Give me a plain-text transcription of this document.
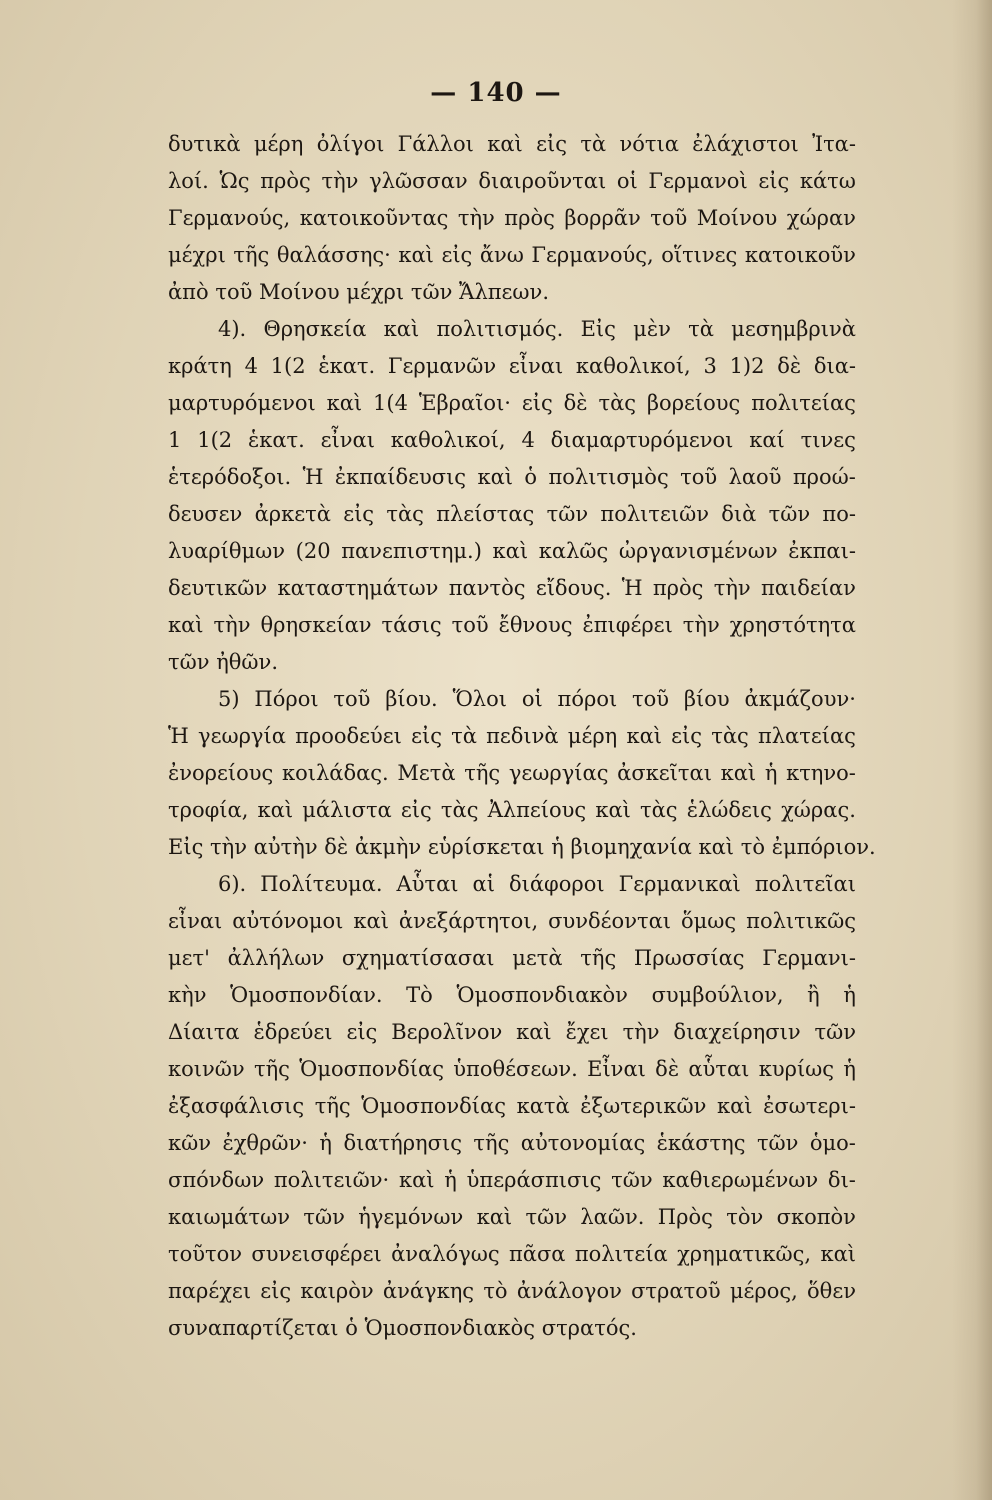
— 140 —
δυτικὰ μέρη ὀλίγοι Γάλλοι καὶ εἰς τὰ νότια ἐλάχιστοι Ἰτα-
λοί. Ὡς πρὸς τὴν γλῶσσαν διαιροῦνται οἱ Γερμανοὶ εἰς κάτω
Γερμανούς, κατοικοῦντας τὴν πρὸς βορρᾶν τοῦ Μοίνου χώραν
μέχρι τῆς θαλάσσης· καὶ εἰς ἄνω Γερμανούς, οἵτινες κατοικοῦν
ἀπὸ
τοῦ
Μοίνου
μέχρι
τῶν
Ἄλπεων.

4). Θρησκεία καὶ πολιτισμός. Εἰς μὲν τὰ μεσημβρινὰ
κράτη 4 1(2 ἑκατ. Γερμανῶν εἶναι καθολικοί, 3 1)2 δὲ δια-
μαρτυρόμενοι καὶ 1(4 Ἑβραῖοι· εἰς δὲ τὰς βορείους πολιτείας
1 1(2 ἑκατ. εἶναι καθολικοί, 4 διαμαρτυρόμενοι καί τινες
ἑτερόδοξοι. Ἡ ἐκπαίδευσις καὶ ὁ πολιτισμὸς τοῦ λαοῦ προώ-
δευσεν ἀρκετὰ εἰς τὰς πλείστας τῶν πολιτειῶν διὰ τῶν πο-
λυαρίθμων (20 πανεπιστημ.) καὶ καλῶς ὠργανισμένων ἐκπαι-
δευτικῶν καταστημάτων παντὸς εἴδους. Ἡ πρὸς τὴν παιδείαν
καὶ τὴν θρησκείαν τάσις τοῦ ἔθνους ἐπιφέρει τὴν χρηστότητα
τῶν
ἠθῶν.

5) Πόροι τοῦ βίου. Ὅλοι οἱ πόροι τοῦ βίου ἀκμάζουν·
Ἡ γεωργία προοδεύει εἰς τὰ πεδινὰ μέρη καὶ εἰς τὰς πλατείας
ἐνορείους κοιλάδας. Μετὰ τῆς γεωργίας ἀσκεῖται καὶ ἡ κτηνο-
τροφία, καὶ μάλιστα εἰς τὰς Ἀλπείους καὶ τὰς ἑλώδεις χώρας.
Εἰς
τὴν
αὐτὴν
δὲ
ἀκμὴν
εὑρίσκεται
ἡ
βιομηχανία
καὶ
τὸ
ἐμπόριον.

6). Πολίτευμα. Αὗται αἱ διάφοροι Γερμανικαὶ πολιτεῖαι
εἶναι αὐτόνομοι καὶ ἀνεξάρτητοι, συνδέονται ὅμως πολιτικῶς
μετ' ἀλλήλων σχηματίσασαι μετὰ τῆς Πρωσσίας Γερμανι-
κὴν Ὁμοσπονδίαν. Τὸ Ὁμοσπονδιακὸν συμβούλιον, ἢ ἡ
Δίαιτα ἑδρεύει εἰς Βερολῖνον καὶ ἔχει τὴν διαχείρησιν τῶν
κοινῶν τῆς Ὁμοσπονδίας ὑποθέσεων. Εἶναι δὲ αὗται κυρίως ἡ
ἐξασφάλισις τῆς Ὁμοσπονδίας κατὰ ἐξωτερικῶν καὶ ἐσωτερι-
κῶν ἐχθρῶν· ἡ διατήρησις τῆς αὐτονομίας ἑκάστης τῶν ὁμο-
σπόνδων πολιτειῶν· καὶ ἡ ὑπεράσπισις τῶν καθιερωμένων δι-
καιωμάτων τῶν ἡγεμόνων καὶ τῶν λαῶν. Πρὸς τὸν σκοπὸν
τοῦτον συνεισφέρει ἀναλόγως πᾶσα πολιτεία χρηματικῶς, καὶ
παρέχει εἰς καιρὸν ἀνάγκης τὸ ἀνάλογον στρατοῦ μέρος, ὅθεν
συναπαρτίζεται
ὁ
Ὁμοσπονδιακὸς
στρατός.
